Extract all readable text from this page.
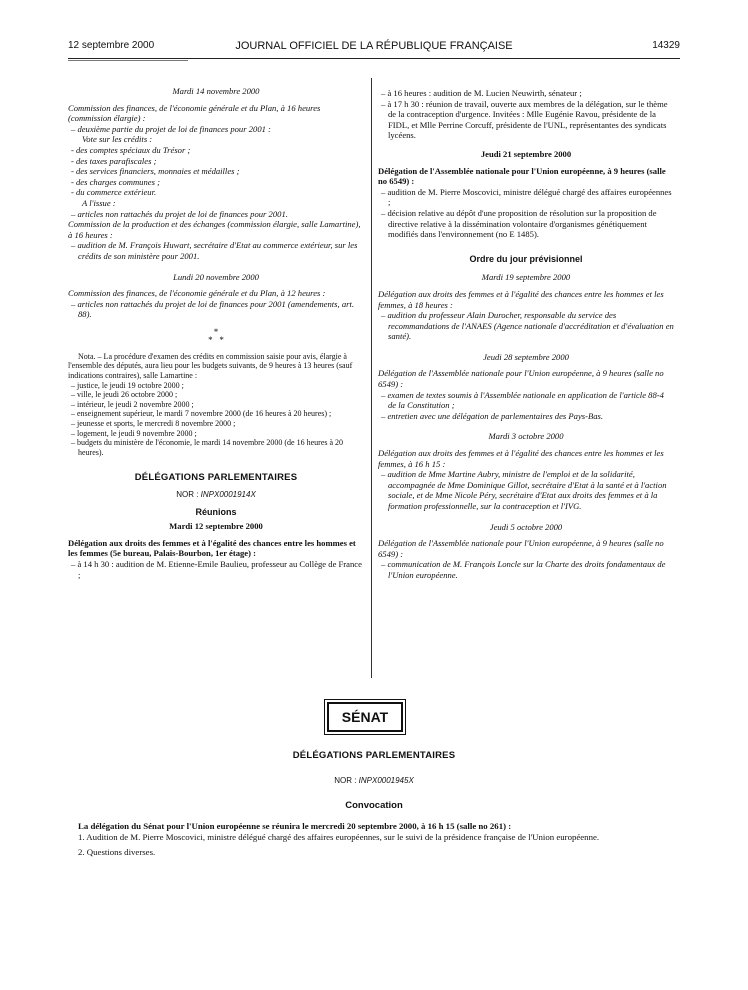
12 septembre 2000	JOURNAL OFFICIEL DE LA RÉPUBLIQUE FRANÇAISE	14329
Mardi 14 novembre 2000

Commission des finances, de l'économie générale et du Plan, à 16 heures (commission élargie) :

– deuxième partie du projet de loi de finances pour 2001 :

Vote sur les crédits :

- des comptes spéciaux du Trésor ;

- des taxes parafiscales ;

- des services financiers, monnaies et médailles ;

- des charges communes ;

- du commerce extérieur.

A l'issue :

– articles non rattachés du projet de loi de finances pour 2001.

Commission de la production et des échanges (commission élargie, salle Lamartine), à 16 heures :

– audition de M. François Huwart, secrétaire d'Etat au commerce extérieur, sur les crédits de son ministère pour 2001.

Lundi 20 novembre 2000

Commission des finances, de l'économie générale et du Plan, à 12 heures :

– articles non rattachés du projet de loi de finances pour 2001 (amendements, art. 88).

*
*   *

Nota. – La procédure d'examen des crédits en commission saisie pour avis, élargie à l'ensemble des députés, aura lieu pour les budgets suivants, de 9 heures à 13 heures (sauf indications contraires), salle Lamartine :

– justice, le jeudi 19 octobre 2000 ;

– ville, le jeudi 26 octobre 2000 ;

– intérieur, le jeudi 2 novembre 2000 ;

– enseignement supérieur, le mardi 7 novembre 2000 (de 16 heures à 20 heures) ;

– jeunesse et sports, le mercredi 8 novembre 2000 ;

– logement, le jeudi 9 novembre 2000 ;

– budgets du ministère de l'économie, le mardi 14 novembre 2000 (de 16 heures à 20 heures).

DÉLÉGATIONS PARLEMENTAIRES
NOR : INPX0001914X
Réunions
Mardi 12 septembre 2000

Délégation aux droits des femmes et à l'égalité des chances entre les hommes et les femmes (5e bureau, Palais-Bourbon, 1er étage) :

– à 14 h 30 : audition de M. Etienne-Emile Baulieu, professeur au Collège de France ;

– à 16 heures : audition de M. Lucien Neuwirth, sénateur ;

– à 17 h 30 : réunion de travail, ouverte aux membres de la délégation, sur le thème de la contraception d'urgence. Invitées : Mlle Eugénie Ravou, présidente de la FIDL, et Mlle Perrine Corcuff, présidente de l'UNL, représentantes des syndicats lycéens.

Jeudi 21 septembre 2000

Délégation de l'Assemblée nationale pour l'Union européenne, à 9 heures (salle no 6549) :

– audition de M. Pierre Moscovici, ministre délégué chargé des affaires européennes ;

– décision relative au dépôt d'une proposition de résolution sur la proposition de directive relative à la dissémination volontaire d'organismes génétiquement modifiés dans l'environnement (no E 1485).

Ordre du jour prévisionnel
Mardi 19 septembre 2000

Délégation aux droits des femmes et à l'égalité des chances entre les hommes et les femmes, à 18 heures :

– audition du professeur Alain Durocher, responsable du service des recommandations de l'ANAES (Agence nationale d'accréditation et d'évaluation en santé).

Jeudi 28 septembre 2000

Délégation de l'Assemblée nationale pour l'Union européenne, à 9 heures (salle no 6549) :

– examen de textes soumis à l'Assemblée nationale en application de l'article 88-4 de la Constitution ;

– entretien avec une délégation de parlementaires des Pays-Bas.

Mardi 3 octobre 2000

Délégation aux droits des femmes et à l'égalité des chances entre les hommes et les femmes, à 16 h 15 :

– audition de Mme Martine Aubry, ministre de l'emploi et de la solidarité, accompagnée de Mme Dominique Gillot, secrétaire d'Etat à la santé et à l'action sociale, et de Mme Nicole Péry, secrétaire d'Etat aux droits des femmes et à la formation professionnelle, sur la contraception et l'IVG.

Jeudi 5 octobre 2000

Délégation de l'Assemblée nationale pour l'Union européenne, à 9 heures (salle no 6549) :

– communication de M. François Loncle sur la Charte des droits fondamentaux de l'Union européenne.

SÉNAT
DÉLÉGATIONS PARLEMENTAIRES
NOR : INPX0001945X
Convocation

La délégation du Sénat pour l'Union européenne se réunira le mercredi 20 septembre 2000, à 16 h 15 (salle no 261) :

1. Audition de M. Pierre Moscovici, ministre délégué chargé des affaires européennes, sur le suivi de la présidence française de l'Union européenne.

2. Questions diverses.
